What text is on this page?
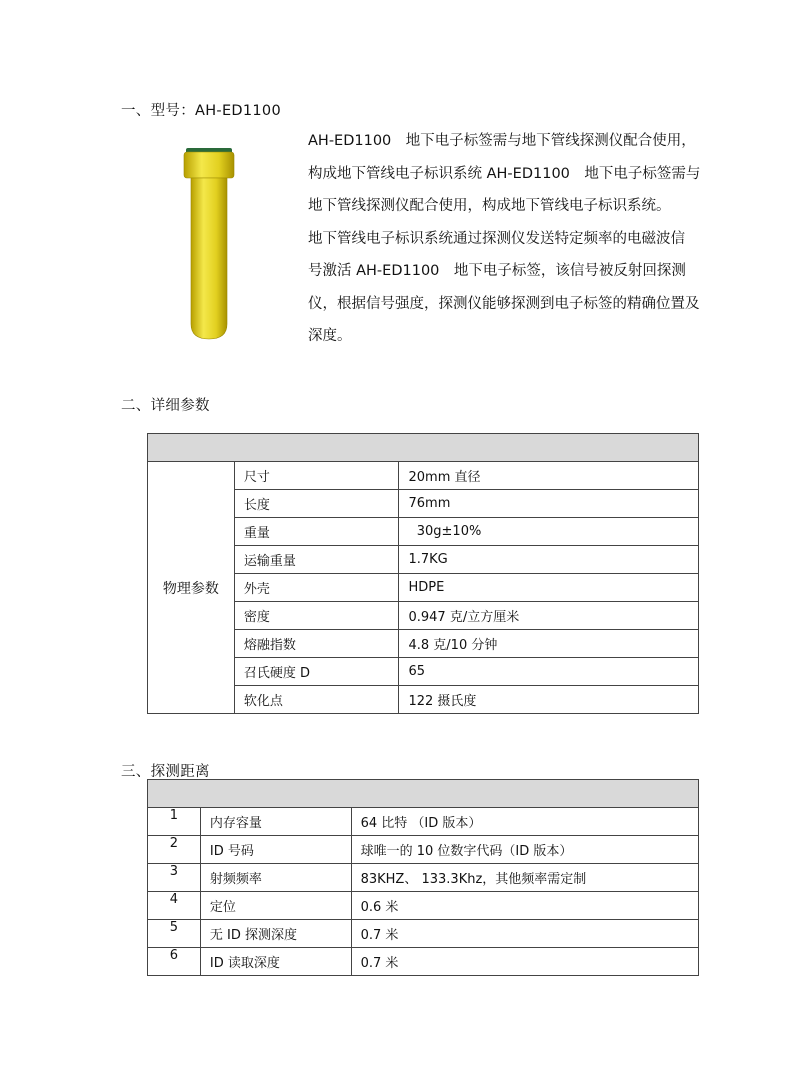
一、型号：AH-ED1100

AH-ED1100　地下电子标签需与地下管线探测仪配合使用，构成地下管线电子标识系统 AH-ED1100　地下电子标签需与地下管线探测仪配合使用，构成地下管线电子标识系统。

地下管线电子标识系统通过探测仪发送特定频率的电磁波信 号激活 AH-ED1100　地下电子标签，该信号被反射回探测 仪，根据信号强度，探测仪能够探测到电子标签的精确位置及深度。

二、详细参数

物理参数	尺寸	20mm 直径
	长度	76mm
	重量	30g±10%
	运输重量	1.7KG
	外壳	HDPE
	密度	0.947 克/立方厘米
	熔融指数	4.8 克/10 分钟
	召氏硬度 D	65
	软化点	122 摄氏度
三、探测距离

1	内存容量	64 比特 （ID 版本）
2	ID 号码	球唯一的 10 位数字代码（ID 版本）
3	射频频率	83KHZ、 133.3Khz，其他频率需定制
4	定位	0.6 米
5	无 ID 探测深度	0.7 米
6	ID 读取深度	0.7 米
